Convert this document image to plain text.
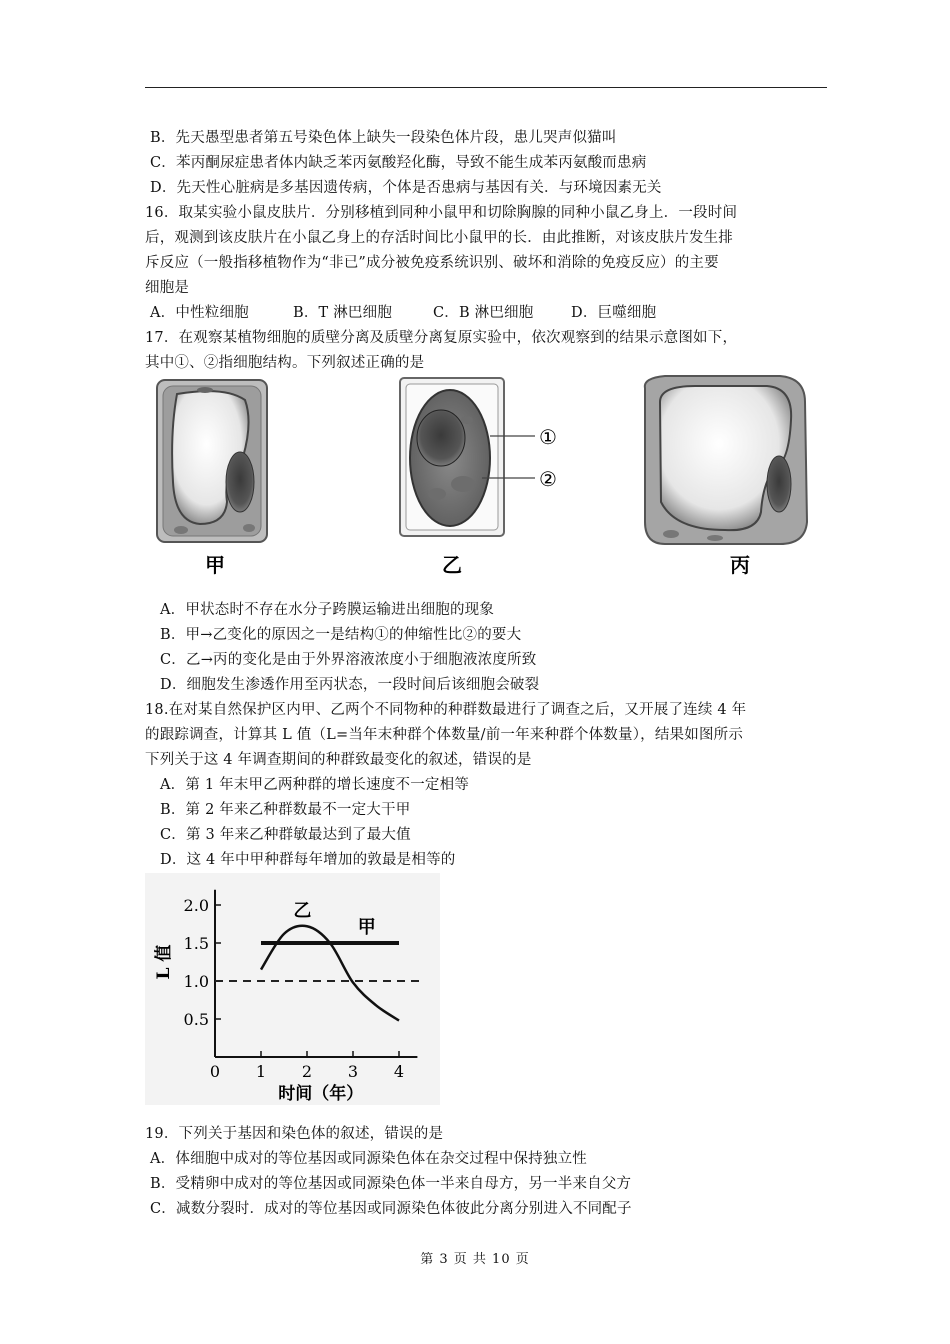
B．先天愚型患者第五号染色体上缺失一段染色体片段，患儿哭声似猫叫
C．苯丙酮尿症患者体内缺乏苯丙氨酸羟化酶，导致不能生成苯丙氨酸而患病
D．先天性心脏病是多基因遗传病，个体是否患病与基因有关．与环境因素无关
16．取某实验小鼠皮肤片．分别移植到同种小鼠甲和切除胸腺的同种小鼠乙身上．一段时间
后，观测到该皮肤片在小鼠乙身上的存活时间比小鼠甲的长．由此推断，对该皮肤片发生排
斥反应（一般指移植物作为“非已”成分被免疫系统识别、破坏和消除的免疫反应）的主要
细胞是
A．中性粒细胞	B．T 淋巴细胞	C．B 淋巴细胞	D．巨噬细胞
17．在观察某植物细胞的质壁分离及质壁分离复原实验中，依次观察到的结果示意图如下，
其中①、②指细胞结构。下列叙述正确的是
甲
①
②
乙	丙
A．甲状态时不存在水分子跨膜运输进出细胞的现象
B．甲→乙变化的原因之一是结构①的伸缩性比②的要大
C．乙→丙的变化是由于外界溶液浓度小于细胞液浓度所致
D．细胞发生渗透作用至丙状态，一段时间后该细胞会破裂
18.在对某自然保护区内甲、乙两个不同物种的种群数最进行了调查之后，又开展了连续 4 年
的跟踪调查，计算其 L 值（L=当年末种群个体数量/前一年来种群个体数量），结果如图所示
下列关于这 4 年调查期间的种群致最变化的叙述，错误的是
A．第 1 年末甲乙两种群的增长速度不一定相等
B．第 2 年来乙种群数最不一定大干甲
C．第 3 年来乙种群敏最达到了最大值
D．这 4 年中甲种群每年增加的敦最是相等的
0 1 2 3 4
0.5
1.0
1.5
2.0	乙
甲
L 值
时间（年）
19．下列关于基因和染色体的叙述，错误的是
A．体细胞中成对的等位基因或同源染色体在杂交过程中保持独立性
B．受精卵中成对的等位基因或同源染色体一半来自母方，另一半来自父方
C．减数分裂时．成对的等位基因或同源染色体彼此分离分别进入不同配子
第 3 页 共 10 页
